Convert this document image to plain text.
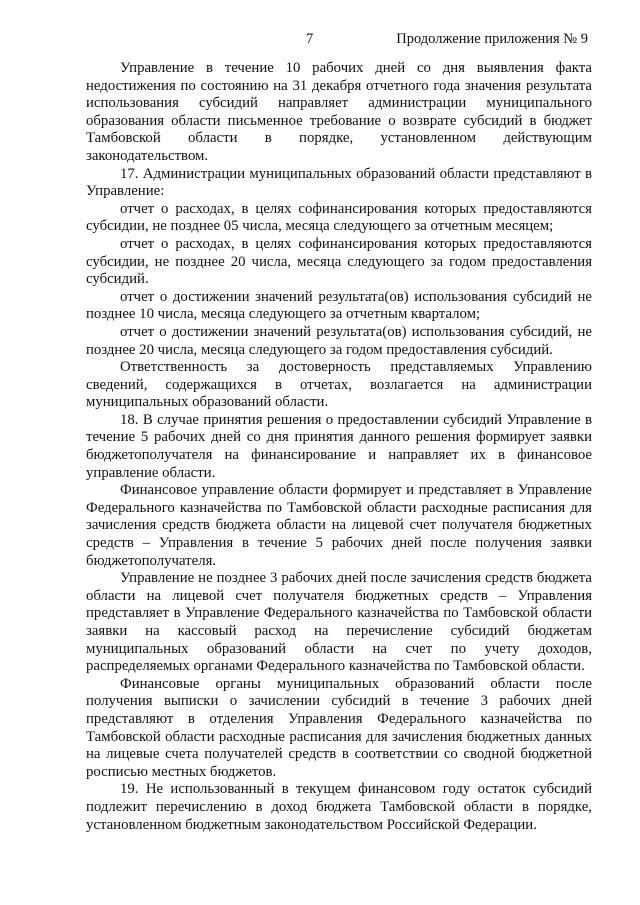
7	Продолжение приложения № 9

Управление в течение 10 рабочих дней со дня выявления факта недостижения по состоянию на 31 декабря отчетного года значения результата использования субсидий направляет администрации муниципального образования области письменное требование о возврате субсидий в бюджет Тамбовской области в порядке, установленном действующим законодательством.

17. Администрации муниципальных образований области представляют в Управление:

отчет о расходах, в целях софинансирования которых предоставляются субсидии, не позднее 05 числа, месяца следующего за отчетным месяцем;

отчет о расходах, в целях софинансирования которых предоставляются субсидии, не позднее 20 числа, месяца следующего за годом предоставления субсидий.

отчет о достижении значений результата(ов) использования субсидий не позднее 10 числа, месяца следующего за отчетным кварталом;

отчет о достижении значений результата(ов) использования субсидий, не позднее 20 числа, месяца следующего за годом предоставления субсидий.

Ответственность за достоверность представляемых Управлению сведений, содержащихся в отчетах, возлагается на администрации муниципальных образований области.

18. В случае принятия решения о предоставлении субсидий Управление в течение 5 рабочих дней со дня принятия данного решения формирует заявки бюджетополучателя на финансирование и направляет их в финансовое управление области.

Финансовое управление области формирует и представляет в Управление Федерального казначейства по Тамбовской области расходные расписания для зачисления средств бюджета области на лицевой счет получателя бюджетных средств – Управления в течение 5 рабочих дней после получения заявки бюджетополучателя.

Управление не позднее 3 рабочих дней после зачисления средств бюджета области на лицевой счет получателя бюджетных средств – Управления представляет в Управление Федерального казначейства по Тамбовской области заявки на кассовый расход на перечисление субсидий бюджетам муниципальных образований области на счет по учету доходов, распределяемых органами Федерального казначейства по Тамбовской области.

Финансовые органы муниципальных образований области после получения выписки о зачислении субсидий в течение 3 рабочих дней представляют в отделения Управления Федерального казначейства по Тамбовской области расходные расписания для зачисления бюджетных данных на лицевые счета получателей средств в соответствии со сводной бюджетной росписью местных бюджетов.

19. Не использованный в текущем финансовом году остаток субсидий подлежит перечислению в доход бюджета Тамбовской области в порядке, установленном бюджетным законодательством Российской Федерации.
